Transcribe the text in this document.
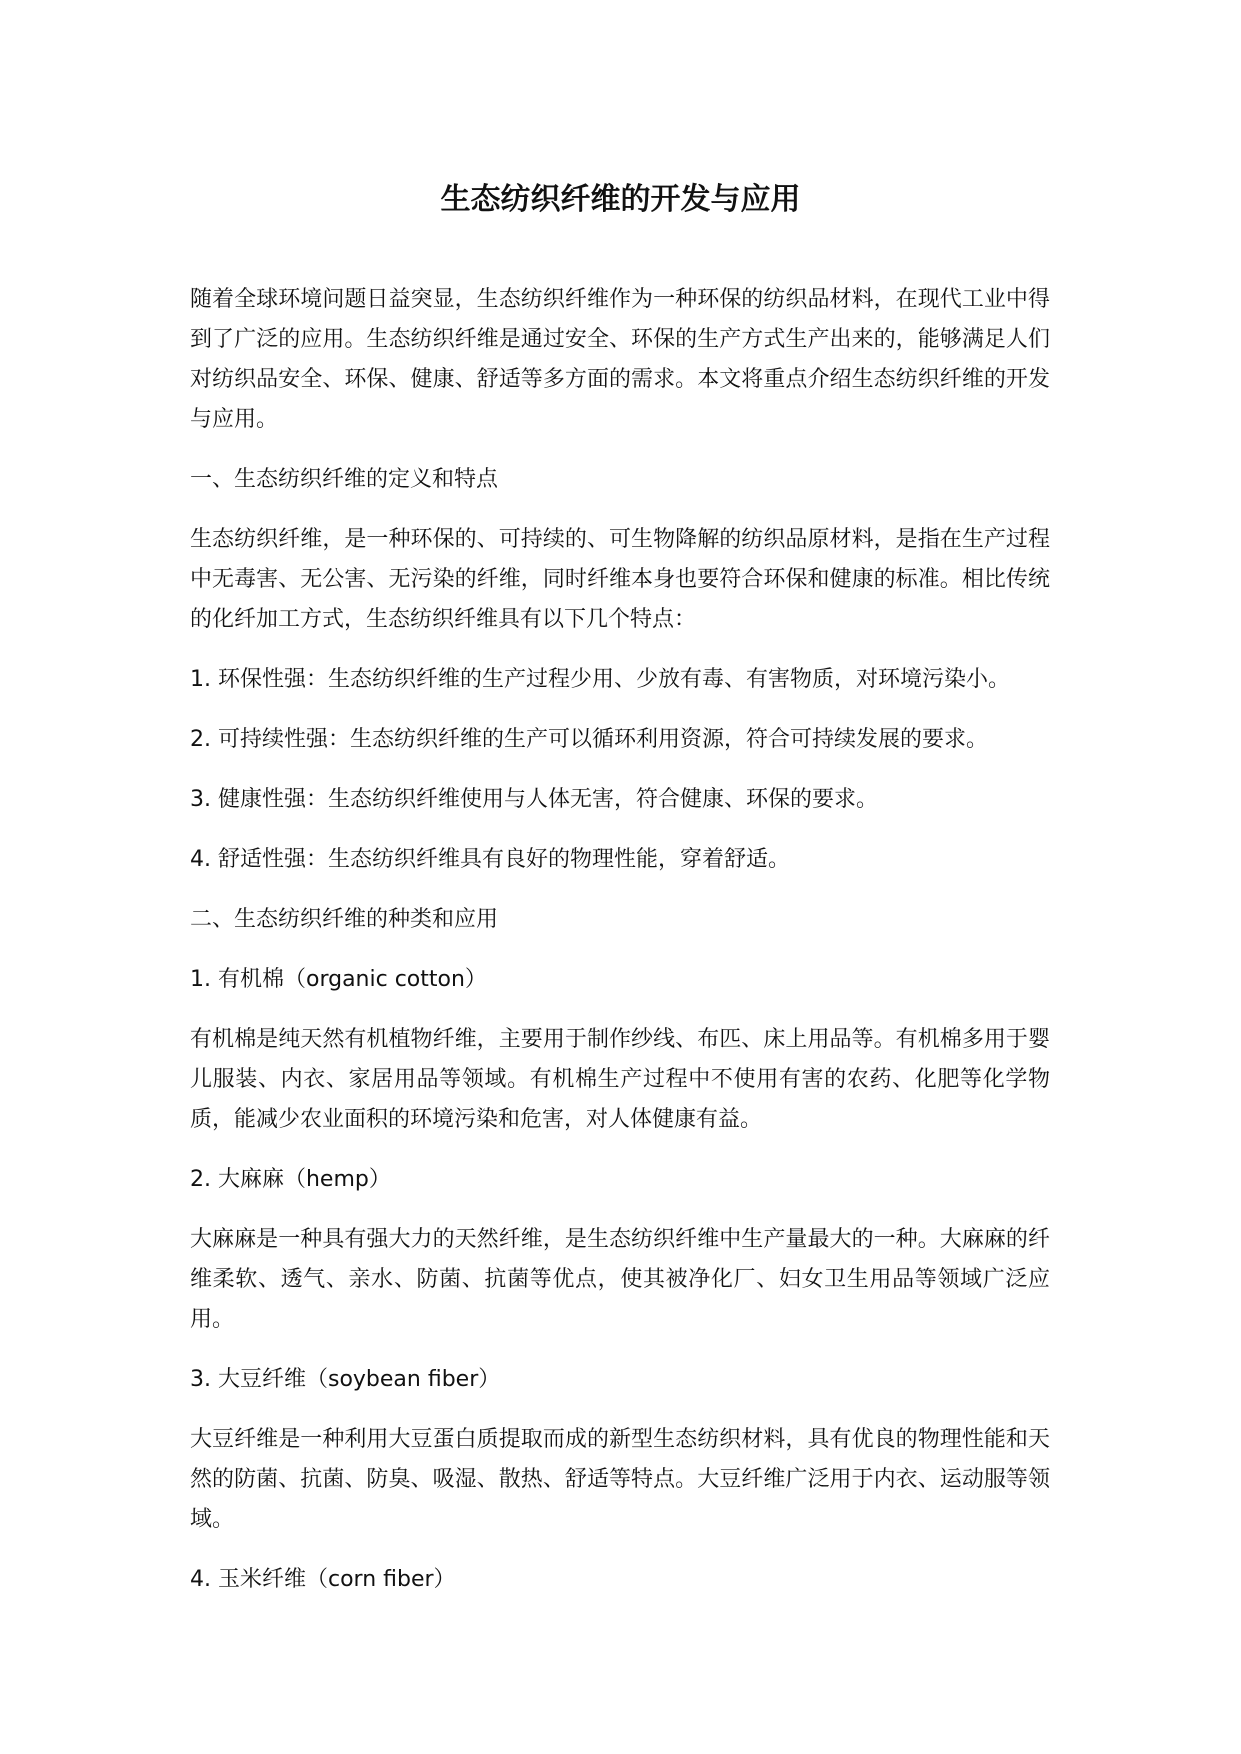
生态纺织纤维的开发与应用

随着全球环境问题日益突显，生态纺织纤维作为一种环保的纺织品材料，在现代工业中得到了广泛的应用。生态纺织纤维是通过安全、环保的生产方式生产出来的，能够满足人们对纺织品安全、环保、健康、舒适等多方面的需求。本文将重点介绍生态纺织纤维的开发与应用。

一、生态纺织纤维的定义和特点

生态纺织纤维，是一种环保的、可持续的、可生物降解的纺织品原材料，是指在生产过程中无毒害、无公害、无污染的纤维，同时纤维本身也要符合环保和健康的标准。相比传统的化纤加工方式，生态纺织纤维具有以下几个特点：

1. 环保性强：生态纺织纤维的生产过程少用、少放有毒、有害物质，对环境污染小。

2. 可持续性强：生态纺织纤维的生产可以循环利用资源，符合可持续发展的要求。

3. 健康性强：生态纺织纤维使用与人体无害，符合健康、环保的要求。

4. 舒适性强：生态纺织纤维具有良好的物理性能，穿着舒适。

二、生态纺织纤维的种类和应用

1. 有机棉（organic cotton）

有机棉是纯天然有机植物纤维，主要用于制作纱线、布匹、床上用品等。有机棉多用于婴儿服装、内衣、家居用品等领域。有机棉生产过程中不使用有害的农药、化肥等化学物质，能减少农业面积的环境污染和危害，对人体健康有益。

2. 大麻麻（hemp）

大麻麻是一种具有强大力的天然纤维，是生态纺织纤维中生产量最大的一种。大麻麻的纤维柔软、透气、亲水、防菌、抗菌等优点，使其被净化厂、妇女卫生用品等领域广泛应用。

3. 大豆纤维（soybean fiber）

大豆纤维是一种利用大豆蛋白质提取而成的新型生态纺织材料，具有优良的物理性能和天然的防菌、抗菌、防臭、吸湿、散热、舒适等特点。大豆纤维广泛用于内衣、运动服等领域。

4. 玉米纤维（corn fiber）
